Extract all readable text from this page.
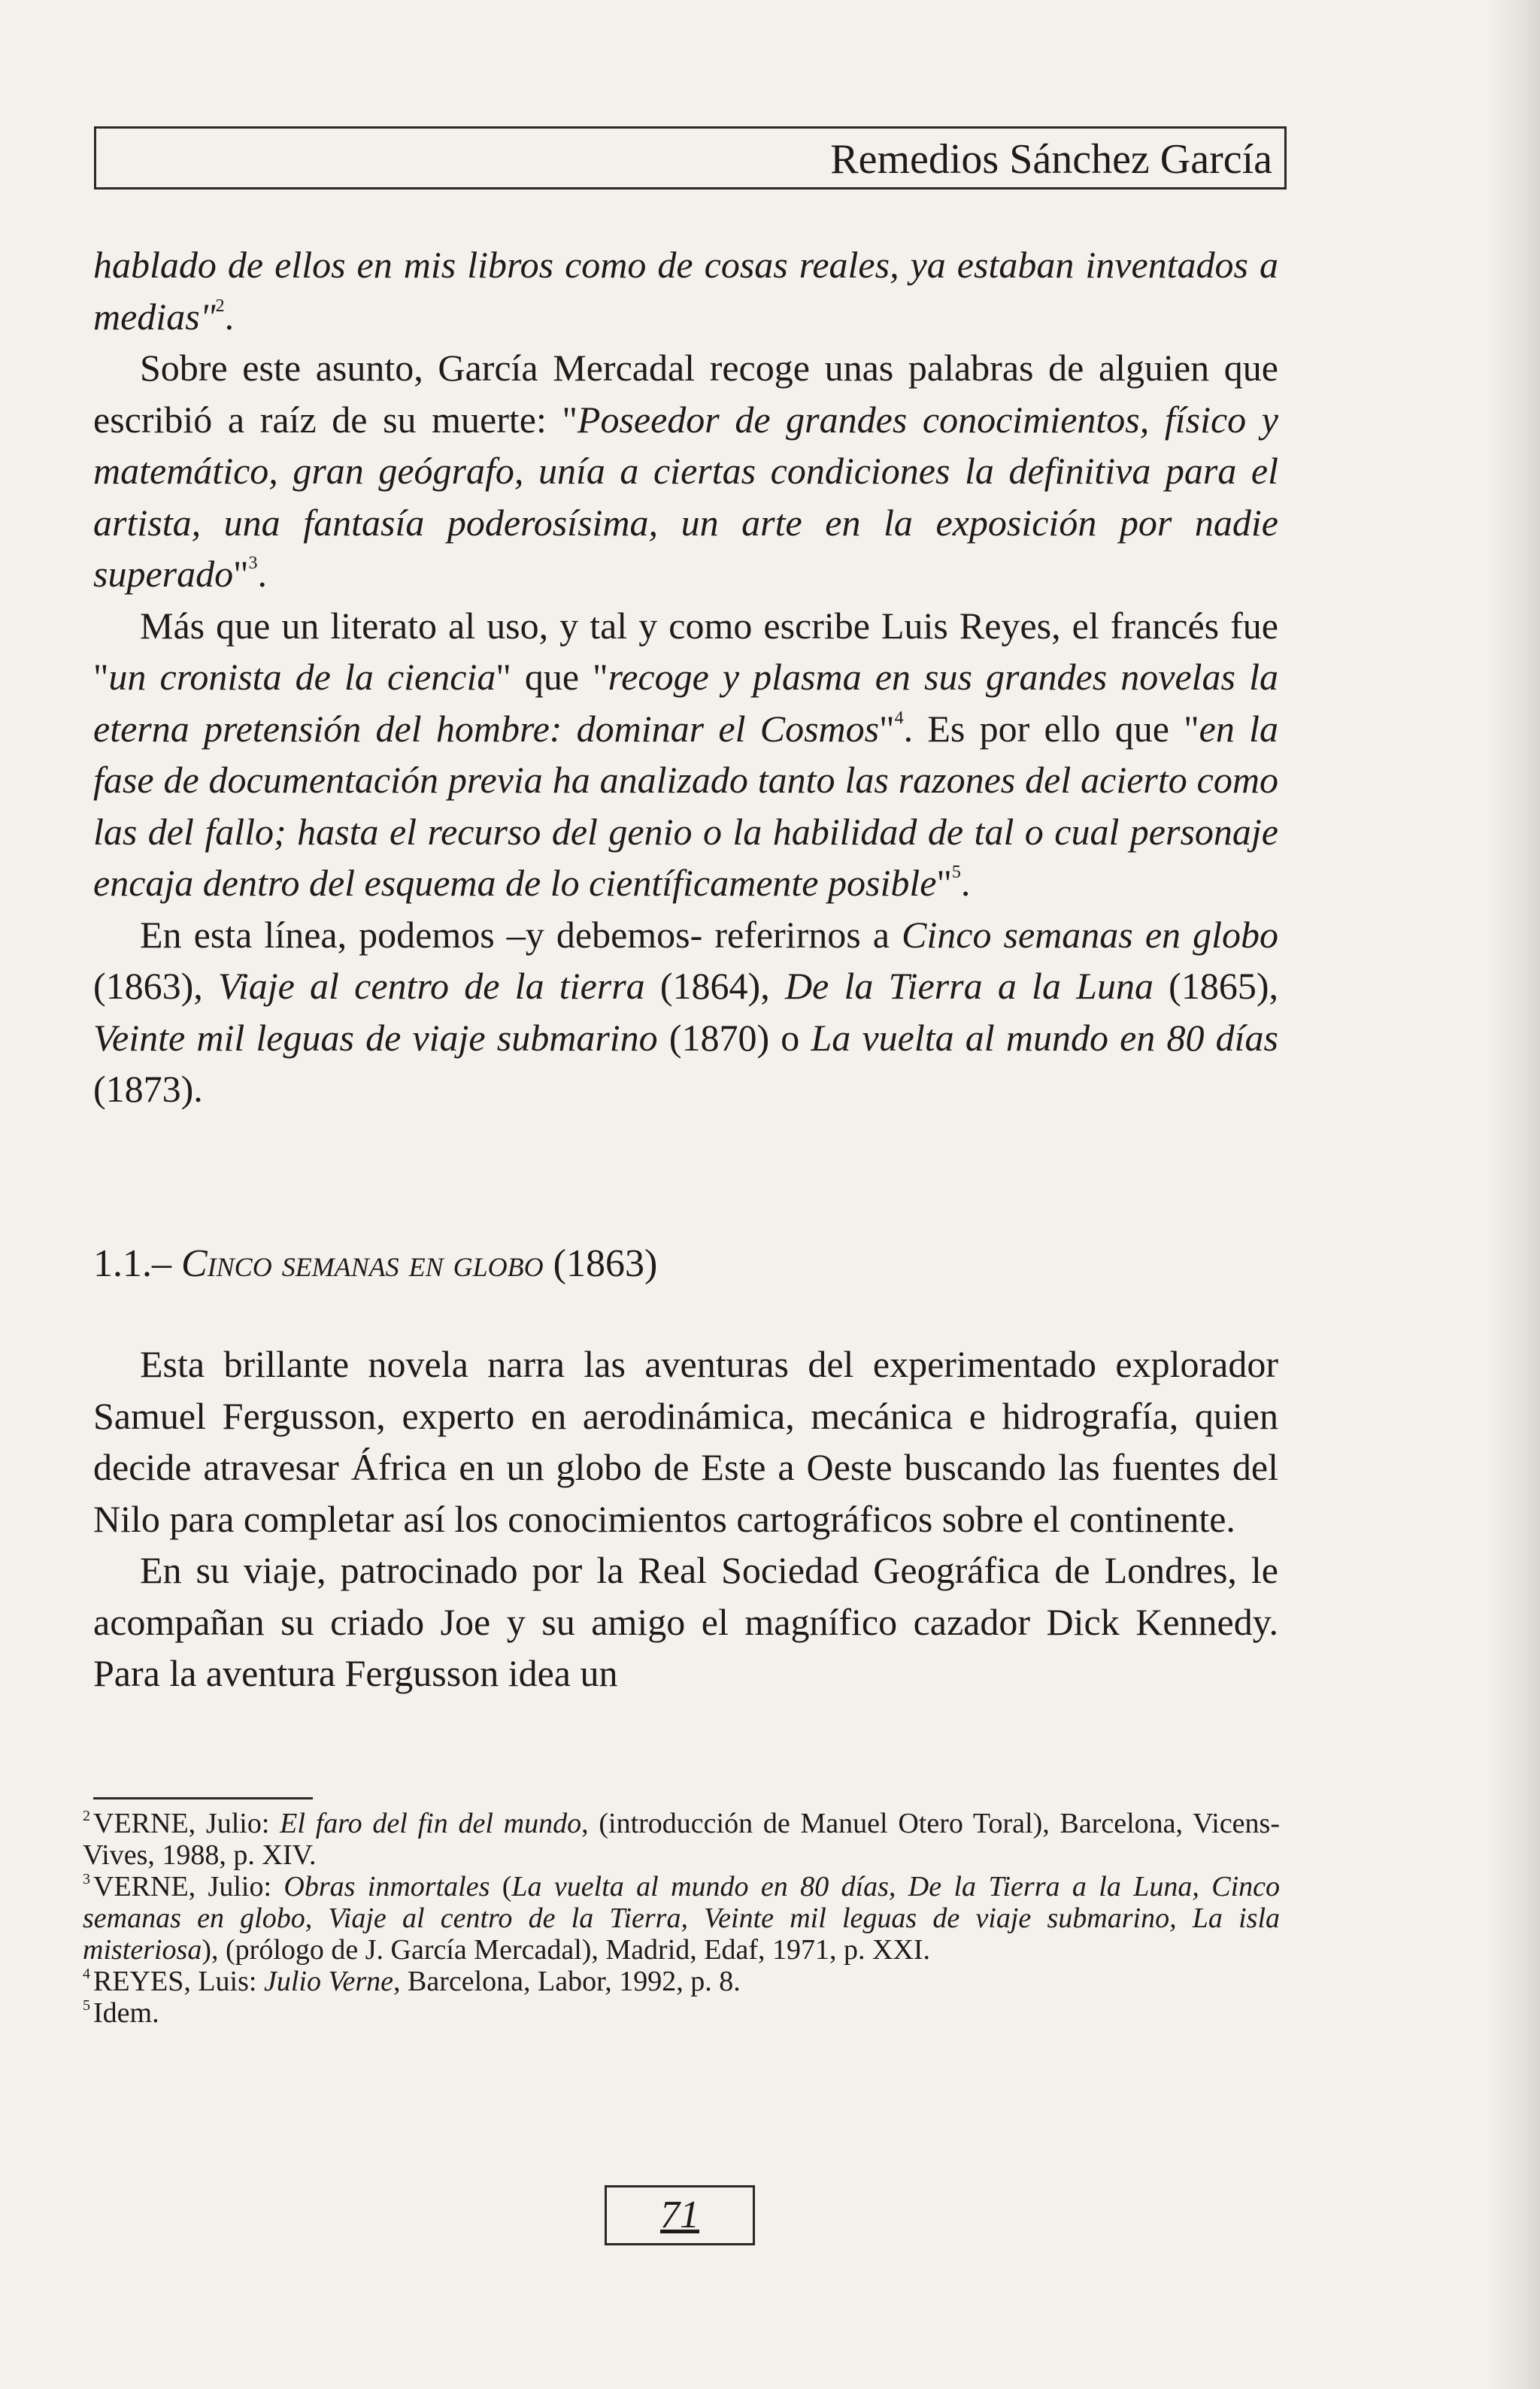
Remedios Sánchez García

hablado de ellos en mis libros como de cosas reales, ya estaban inventados a medias"$^2$.

Sobre este asunto, García Mercadal recoge unas palabras de alguien que escribió a raíz de su muerte: "Poseedor de grandes conocimientos, físico y matemático, gran geógrafo, unía a ciertas condiciones la definitiva para el artista, una fantasía poderosísima, un arte en la exposición por nadie superado"$^3$.

Más que un literato al uso, y tal y como escribe Luis Reyes, el francés fue "un cronista de la ciencia" que "recoge y plasma en sus grandes novelas la eterna pretensión del hombre: dominar el Cosmos"$^4$. Es por ello que "en la fase de documentación previa ha analizado tanto las razones del acierto como las del fallo; hasta el recurso del genio o la habilidad de tal o cual personaje encaja dentro del esquema de lo científicamente posible"$^5$.

En esta línea, podemos –y debemos- referirnos a Cinco semanas en globo (1863), Viaje al centro de la tierra (1864), De la Tierra a la Luna (1865), Veinte mil leguas de viaje submarino (1870) o La vuelta al mundo en 80 días (1873).

1.1.– Cinco semanas en globo (1863)

Esta brillante novela narra las aventuras del experimentado explorador Samuel Fergusson, experto en aerodinámica, mecánica e hidrografía, quien decide atravesar África en un globo de Este a Oeste buscando las fuentes del Nilo para completar así los conocimientos cartográficos sobre el continente.

En su viaje, patrocinado por la Real Sociedad Geográfica de Londres, le acompañan su criado Joe y su amigo el magnífico cazador Dick Kennedy. Para la aventura Fergusson idea un

$^2$ VERNE, Julio: El faro del fin del mundo, (introducción de Manuel Otero Toral), Barcelona, Vicens-Vives, 1988, p. XIV.

$^3$ VERNE, Julio: Obras inmortales (La vuelta al mundo en 80 días, De la Tierra a la Luna, Cinco semanas en globo, Viaje al centro de la Tierra, Veinte mil leguas de viaje submarino, La isla misteriosa), (prólogo de J. García Mercadal), Madrid, Edaf, 1971, p. XXI.

$^4$ REYES, Luis: Julio Verne, Barcelona, Labor, 1992, p. 8.

$^5$ Idem.

71
